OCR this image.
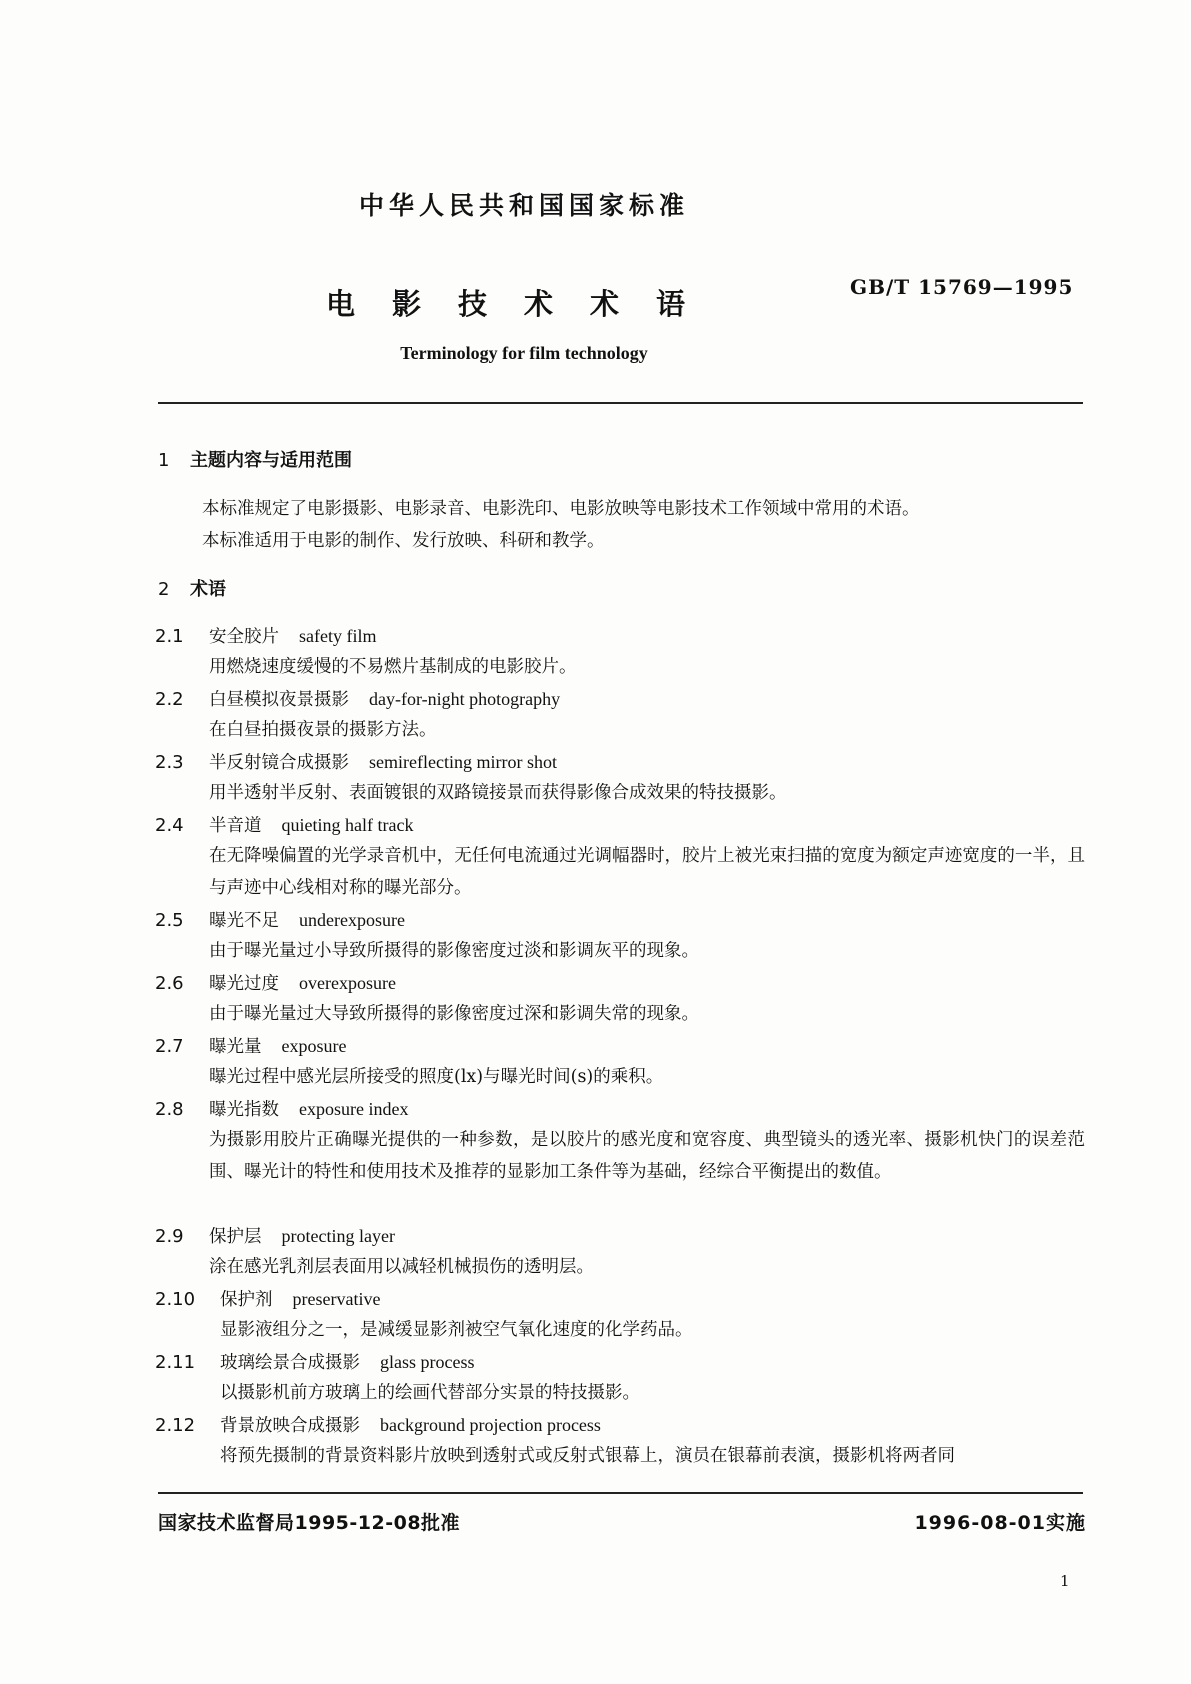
中华人民共和国国家标准
电影技术术语	GB/T 15769—1995
Terminology for film technology
1 主题内容与适用范围

本标准规定了电影摄影、电影录音、电影洗印、电影放映等电影技术工作领域中常用的术语。

本标准适用于电影的制作、发行放映、科研和教学。

2 术语
2.1 安全胶片 safety film
用燃烧速度缓慢的不易燃片基制成的电影胶片。
2.2 白昼模拟夜景摄影 day-for-night photography
在白昼拍摄夜景的摄影方法。
2.3 半反射镜合成摄影 semireflecting mirror shot
用半透射半反射、表面镀银的双路镜接景而获得影像合成效果的特技摄影。
2.4 半音道 quieting half track
在无降噪偏置的光学录音机中，无任何电流通过光调幅器时，胶片上被光束扫描的宽度为额定声迹宽度的一半，且与声迹中心线相对称的曝光部分。
2.5 曝光不足 underexposure
由于曝光量过小导致所摄得的影像密度过淡和影调灰平的现象。
2.6 曝光过度 overexposure
由于曝光量过大导致所摄得的影像密度过深和影调失常的现象。
2.7 曝光量 exposure
曝光过程中感光层所接受的照度(lx)与曝光时间(s)的乘积。
2.8 曝光指数 exposure index
为摄影用胶片正确曝光提供的一种参数，是以胶片的感光度和宽容度、典型镜头的透光率、摄影机快门的误差范围、曝光计的特性和使用技术及推荐的显影加工条件等为基础，经综合平衡提出的数值。
2.9 保护层 protecting layer
涂在感光乳剂层表面用以减轻机械损伤的透明层。
2.10 保护剂 preservative
显影液组分之一，是减缓显影剂被空气氧化速度的化学药品。
2.11 玻璃绘景合成摄影 glass process
以摄影机前方玻璃上的绘画代替部分实景的特技摄影。
2.12 背景放映合成摄影 background projection process
将预先摄制的背景资料影片放映到透射式或反射式银幕上，演员在银幕前表演，摄影机将两者同
国家技术监督局1995-12-08批准	1996-08-01实施
1
